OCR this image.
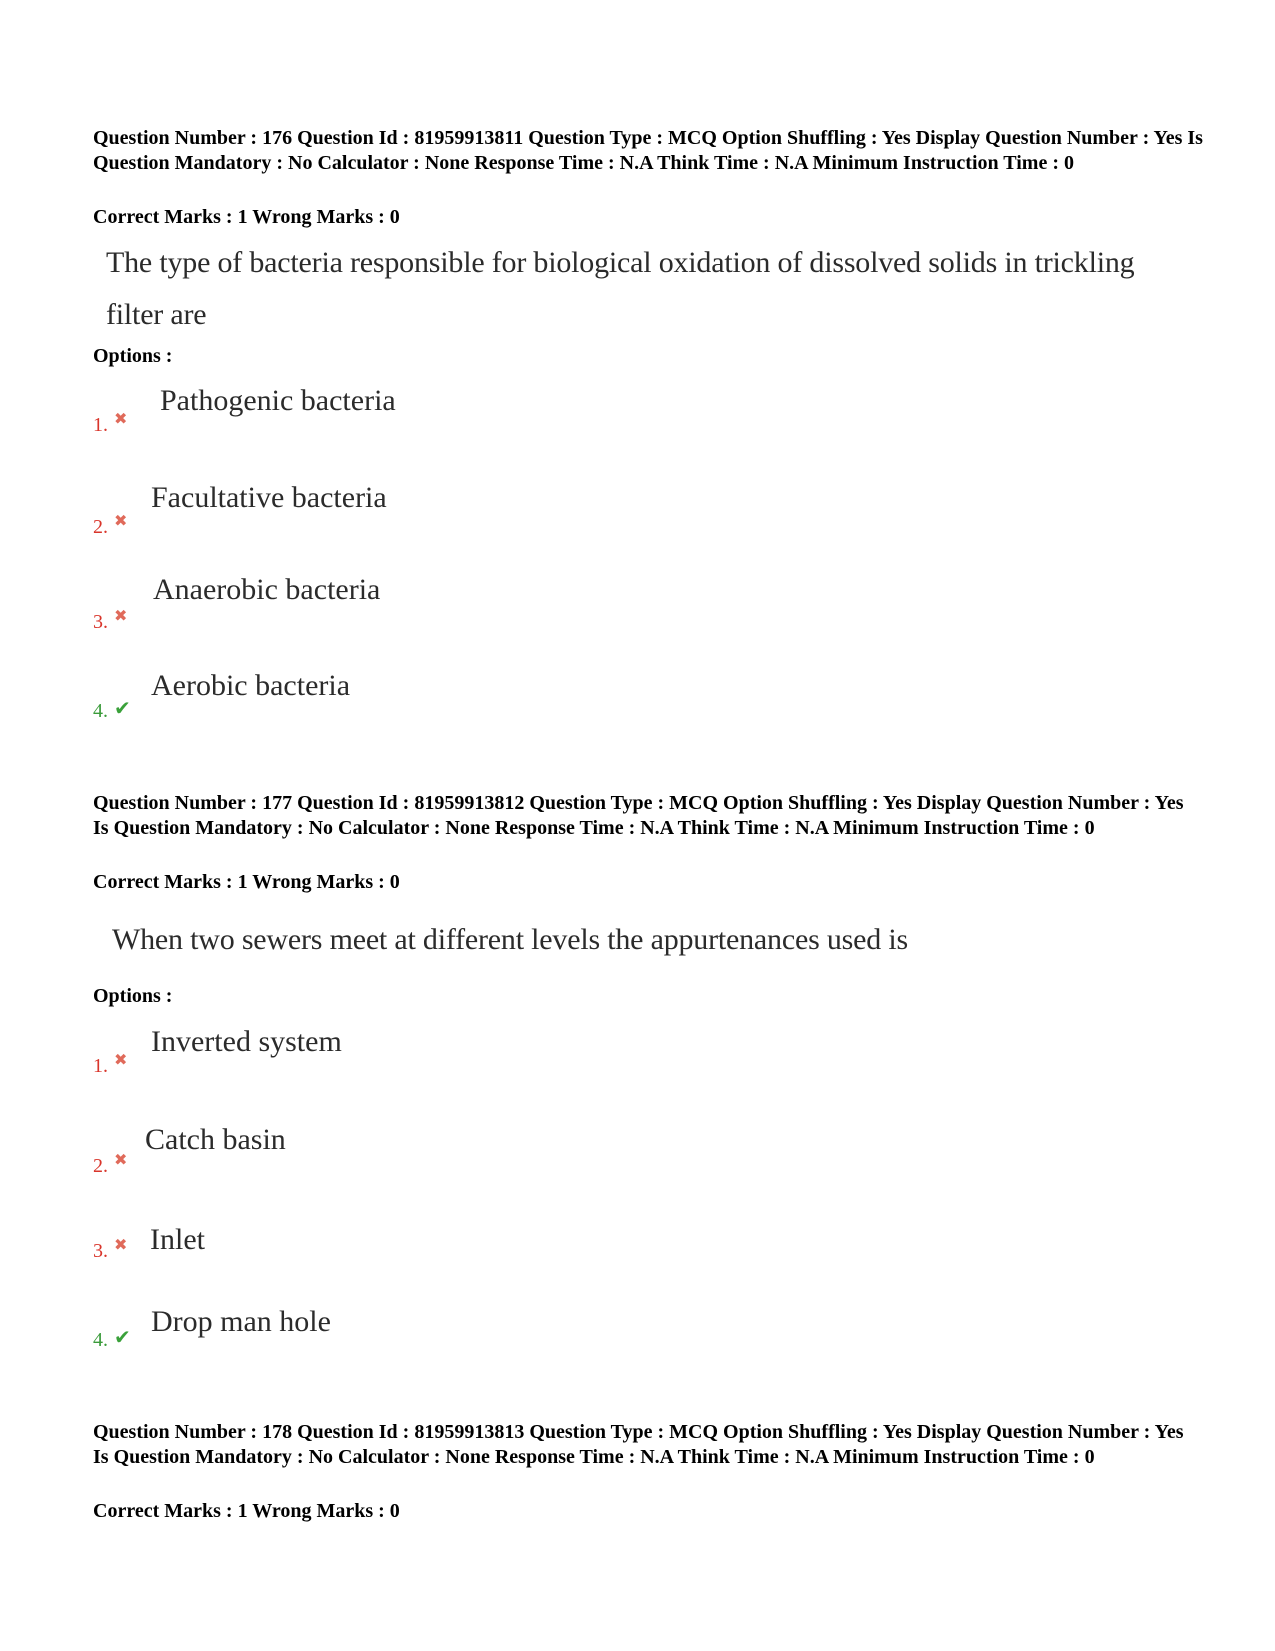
Question Number : 176 Question Id : 81959913811 Question Type : MCQ Option Shuffling : Yes Display Question Number : Yes Is Question Mandatory : No Calculator : None Response Time : N.A Think Time : N.A Minimum Instruction Time : 0
Correct Marks : 1 Wrong Marks : 0
The type of bacteria responsible for biological oxidation of dissolved solids in trickling
filter are
Options :
Pathogenic bacteria
1. ✖
Facultative bacteria
2. ✖
Anaerobic bacteria
3. ✖
Aerobic bacteria
4. ✔
Question Number : 177 Question Id : 81959913812 Question Type : MCQ Option Shuffling : Yes Display Question Number : Yes Is Question Mandatory : No Calculator : None Response Time : N.A Think Time : N.A Minimum Instruction Time : 0
Correct Marks : 1 Wrong Marks : 0
When two sewers meet at different levels the appurtenances used is
Options :
Inverted system
1. ✖
Catch basin
2. ✖
Inlet
3. ✖
Drop man hole
4. ✔
Question Number : 178 Question Id : 81959913813 Question Type : MCQ Option Shuffling : Yes Display Question Number : Yes Is Question Mandatory : No Calculator : None Response Time : N.A Think Time : N.A Minimum Instruction Time : 0
Correct Marks : 1 Wrong Marks : 0
